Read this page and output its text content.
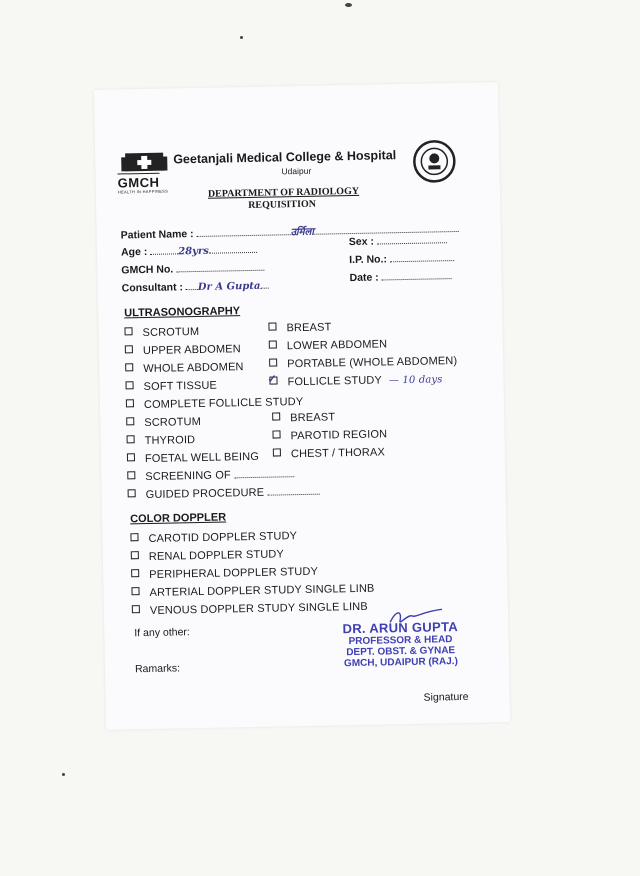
GMCH
HEALTH IN HAPPINESS
Geetanjali Medical College & Hospital
Udaipur
DEPARTMENT OF RADIOLOGY
REQUISITION
Patient Name :	उर्मिला
Age :	28yrs
Sex :
GMCH No.
I.P. No.:
Consultant : Dr A Gupta
Date :
ULTRASONOGRAPHY
SCROTUM
UPPER ABDOMEN
WHOLE ABDOMEN
SOFT TISSUE
BREAST
LOWER ABDOMEN
PORTABLE (WHOLE ABDOMEN)
✓ FOLLICLE STUDY — 10 days
COMPLETE FOLLICLE STUDY
SCROTUM
THYROID
FOETAL WELL BEING
BREAST
PAROTID REGION
CHEST / THORAX
SCREENING OF
GUIDED PROCEDURE
COLOR DOPPLER
CAROTID DOPPLER STUDY
RENAL DOPPLER STUDY
PERIPHERAL DOPPLER STUDY
ARTERIAL DOPPLER STUDY SINGLE LINB
VENOUS DOPPLER STUDY SINGLE LINB
If any other:
Ramarks:
DR. ARUN GUPTA
PROFESSOR & HEAD
DEPT. OBST. & GYNAE
GMCH, UDAIPUR (RAJ.)
Signature
